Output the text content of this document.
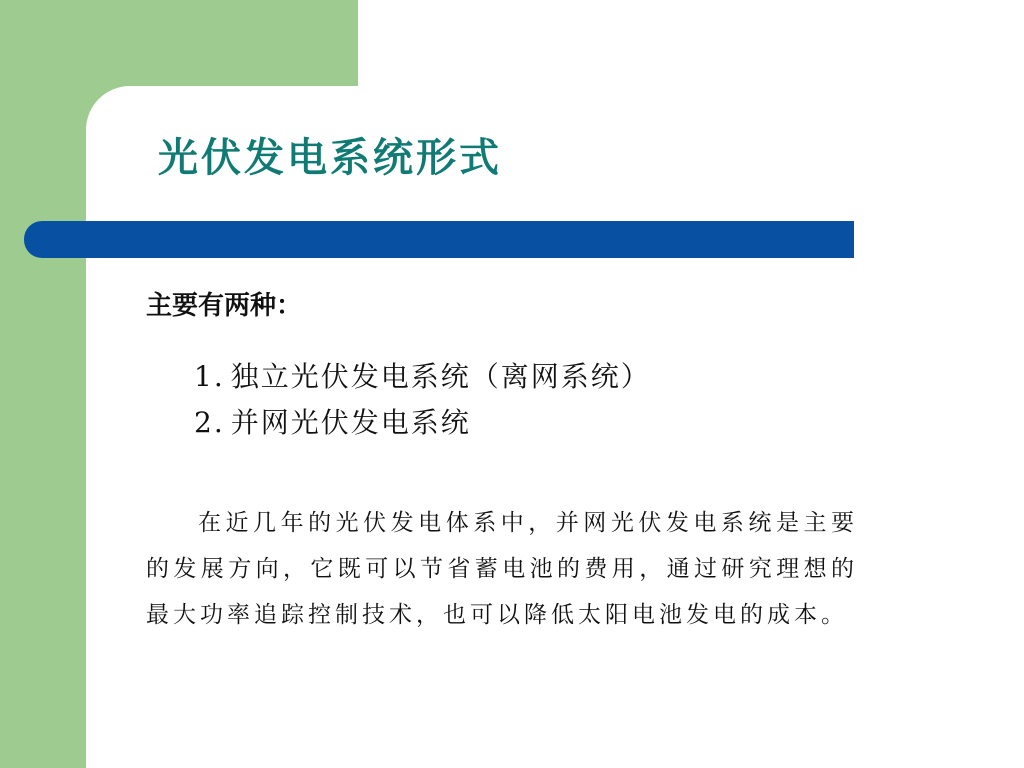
光伏发电系统形式

主要有两种：

1. 独立光伏发电系统（离网系统）
2. 并网光伏发电系统

在近几年的光伏发电体系中，并网光伏发电系统是主要的发展方向，它既可以节省蓄电池的费用，通过研究理想的最大功率追踪控制技术，也可以降低太阳电池发电的成本。
